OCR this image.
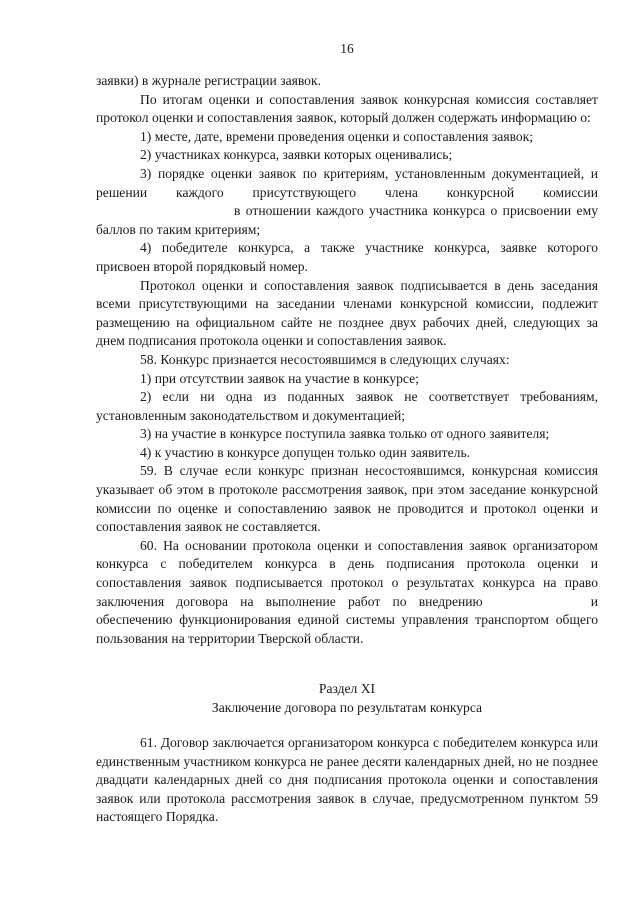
16

заявки) в журнале регистрации заявок.

По итогам оценки и сопоставления заявок конкурсная комиссия составляет протокол оценки и сопоставления заявок, который должен содержать информацию о:

1) месте, дате, времени проведения оценки и сопоставления заявок;

2) участниках конкурса, заявки которых оценивались;

3) порядке оценки заявок по критериям, установленным документацией, и решении каждого присутствующего члена конкурсной комиссиив отношении каждого участника конкурса о присвоении ему баллов по таким критериям;

4) победителе конкурса, а также участнике конкурса, заявке которого присвоен второй порядковый номер.

Протокол оценки и сопоставления заявок подписывается в день заседания всеми присутствующими на заседании членами конкурсной комиссии, подлежит размещению на официальном сайте не позднее двух рабочих дней, следующих за днем подписания протокола оценки и сопоставления заявок.

58. Конкурс признается несостоявшимся в следующих случаях:

1) при отсутствии заявок на участие в конкурсе;

2) если ни одна из поданных заявок не соответствует требованиям, установленным законодательством и документацией;

3) на участие в конкурсе поступила заявка только от одного заявителя;

4) к участию в конкурсе допущен только один заявитель.

59. В случае если конкурс признан несостоявшимся, конкурсная комиссия указывает об этом в протоколе рассмотрения заявок, при этом заседание конкурсной комиссии по оценке и сопоставлению заявок не проводится и протокол оценки и сопоставления заявок не составляется.

60. На основании протокола оценки и сопоставления заявок организатором конкурса с победителем конкурса в день подписания протокола оценки и сопоставления заявок подписывается протокол о результатах конкурса на право заключения договора на выполнение работ по внедрению	и обеспечению функционирования единой системы управления транспортом общего пользования на территории Тверской области.

Раздел XI
Заключение договора по результатам конкурса

61. Договор заключается организатором конкурса с победителем конкурса или единственным участником конкурса не ранее десяти календарных дней, но не позднее двадцати календарных дней со дня подписания протокола оценки и сопоставления заявок или протокола рассмотрения заявок в случае, предусмотренном пунктом 59 настоящего Порядка.
